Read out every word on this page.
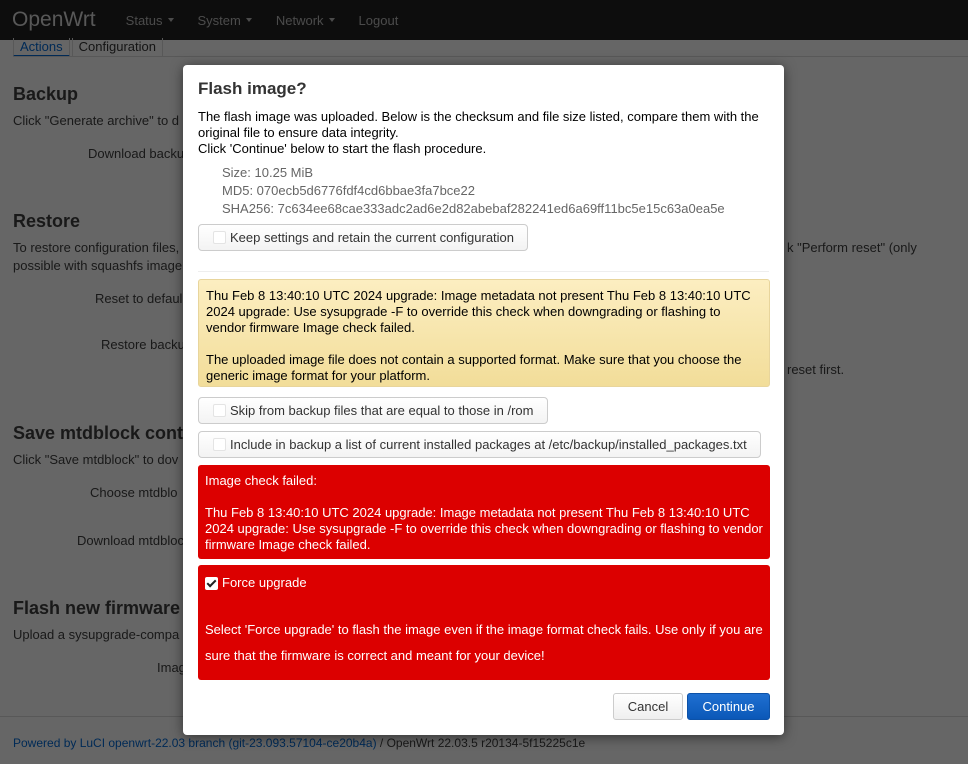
Flash image?
The flash image was uploaded. Below is the checksum and file size listed, compare them with the original file to ensure data integrity.
Click 'Continue' below to start the flash procedure.
Size: 10.25 MiB
MD5: 070ecb5d6776fdf4cd6bbae3fa7bce22
SHA256: 7c634ee68cae333adc2ad6e2d82abebaf282241ed6a69ff11bc5e15c63a0ea5e
Keep settings and retain the current configuration
Thu Feb 8 13:40:10 UTC 2024 upgrade: Image metadata not present Thu Feb 8 13:40:10 UTC 2024 upgrade: Use sysupgrade -F to override this check when downgrading or flashing to vendor firmware Image check failed.
The uploaded image file does not contain a supported format. Make sure that you choose the generic image format for your platform.
Skip from backup files that are equal to those in /rom
Include in backup a list of current installed packages at /etc/backup/installed_packages.txt
Image check failed:
Thu Feb 8 13:40:10 UTC 2024 upgrade: Image metadata not present Thu Feb 8 13:40:10 UTC 2024 upgrade: Use sysupgrade -F to override this check when downgrading or flashing to vendor firmware Image check failed.
Force upgrade
Select 'Force upgrade' to flash the image even if the image format check fails. Use only if you are sure that the firmware is correct and meant for your device!
Cancel	Continue
